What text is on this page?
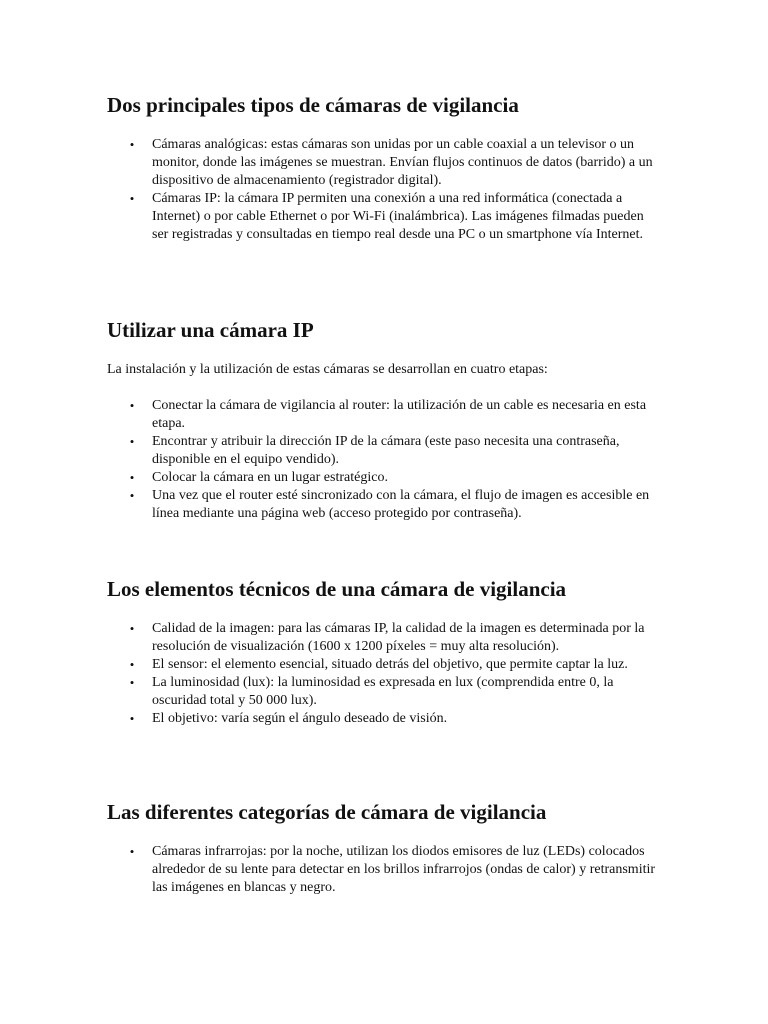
Dos principales tipos de cámaras de vigilancia
• Cámaras analógicas: estas cámaras son unidas por un cable coaxial a un televisor o un monitor, donde las imágenes se muestran. Envían flujos continuos de datos (barrido) a un dispositivo de almacenamiento (registrador digital).
• Cámaras IP: la cámara IP permiten una conexión a una red informática (conectada a Internet) o por cable Ethernet o por Wi-Fi (inalámbrica). Las imágenes filmadas pueden ser registradas y consultadas en tiempo real desde una PC o un smartphone vía Internet.
Utilizar una cámara IP

La instalación y la utilización de estas cámaras se desarrollan en cuatro etapas:

• Conectar la cámara de vigilancia al router: la utilización de un cable es necesaria en esta etapa.
• Encontrar y atribuir la dirección IP de la cámara (este paso necesita una contraseña, disponible en el equipo vendido).
• Colocar la cámara en un lugar estratégico.
• Una vez que el router esté sincronizado con la cámara, el flujo de imagen es accesible en línea mediante una página web (acceso protegido por contraseña).
Los elementos técnicos de una cámara de vigilancia
• Calidad de la imagen: para las cámaras IP, la calidad de la imagen es determinada por la resolución de visualización (1600 x 1200 píxeles = muy alta resolución).
• El sensor: el elemento esencial, situado detrás del objetivo, que permite captar la luz.
• La luminosidad (lux): la luminosidad es expresada en lux (comprendida entre 0, la oscuridad total y 50 000 lux).
• El objetivo: varía según el ángulo deseado de visión.
Las diferentes categorías de cámara de vigilancia
• Cámaras infrarrojas: por la noche, utilizan los diodos emisores de luz (LEDs) colocados alrededor de su lente para detectar en los brillos infrarrojos (ondas de calor) y retransmitir las imágenes en blancas y negro.
